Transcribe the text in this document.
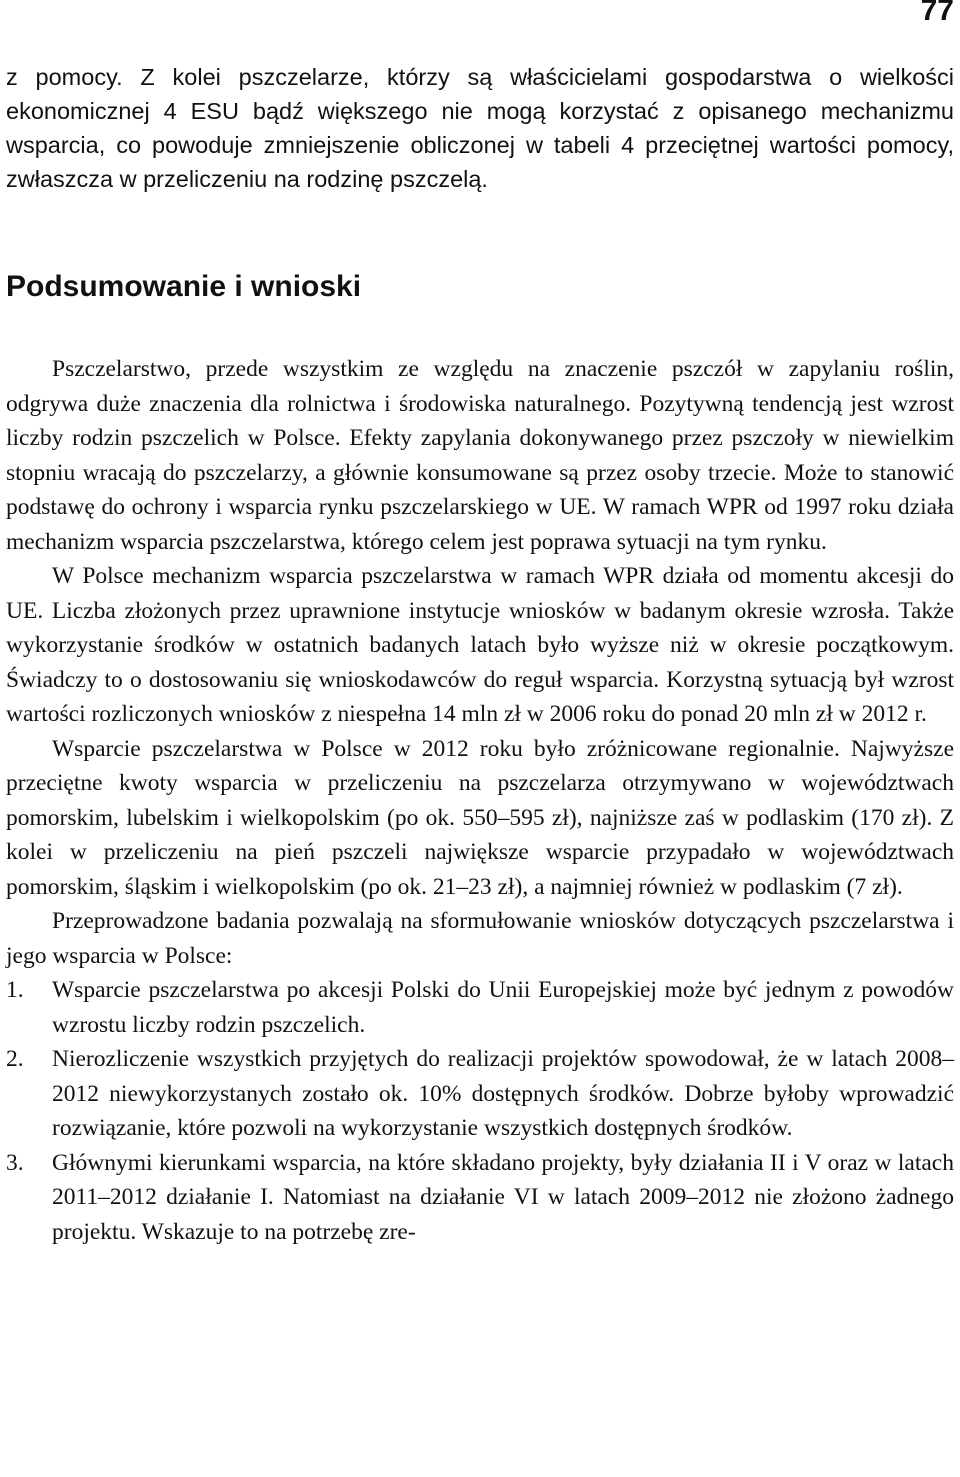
77

z pomocy. Z kolei pszczelarze, którzy są właścicielami gospodarstwa o wielkości ekonomicznej 4 ESU bądź większego nie mogą korzystać z opisanego mechanizmu wsparcia, co powoduje zmniejszenie obliczonej w tabeli 4 przeciętnej wartości pomocy, zwłaszcza w przeliczeniu na rodzinę pszczelą.

Podsumowanie i wnioski

Pszczelarstwo, przede wszystkim ze względu na znaczenie pszczół w zapylaniu roślin, odgrywa duże znaczenia dla rolnictwa i środowiska naturalnego. Pozytywną tendencją jest wzrost liczby rodzin pszczelich w Polsce. Efekty zapylania dokonywanego przez pszczoły w niewielkim stopniu wracają do pszczelarzy, a głównie konsumowane są przez osoby trzecie. Może to stanowić podstawę do ochrony i wsparcia rynku pszczelarskiego w UE. W ramach WPR od 1997 roku działa mechanizm wsparcia pszczelarstwa, którego celem jest poprawa sytuacji na tym rynku.

W Polsce mechanizm wsparcia pszczelarstwa w ramach WPR działa od momentu akcesji do UE. Liczba złożonych przez uprawnione instytucje wniosków w badanym okresie wzrosła. Także wykorzystanie środków w ostatnich badanych latach było wyższe niż w okresie początkowym. Świadczy to o dostosowaniu się wnioskodawców do reguł wsparcia. Korzystną sytuacją był wzrost wartości rozliczonych wniosków z niespełna 14 mln zł w 2006 roku do ponad 20 mln zł w 2012 r.

Wsparcie pszczelarstwa w Polsce w 2012 roku było zróżnicowane regionalnie. Najwyższe przeciętne kwoty wsparcia w przeliczeniu na pszczelarza otrzymywano w województwach pomorskim, lubelskim i wielkopolskim (po ok. 550–595 zł), najniższe zaś w podlaskim (170 zł). Z kolei w przeliczeniu na pień pszczeli największe wsparcie przypadało w województwach pomorskim, śląskim i wielkopolskim (po ok. 21–23 zł), a najmniej również w podlaskim (7 zł).

Przeprowadzone badania pozwalają na sformułowanie wniosków dotyczących pszczelarstwa i jego wsparcia w Polsce:

1. Wsparcie pszczelarstwa po akcesji Polski do Unii Europejskiej może być jednym z powodów wzrostu liczby rodzin pszczelich.
2. Nierozliczenie wszystkich przyjętych do realizacji projektów spowodował, że w latach 2008–2012 niewykorzystanych zostało ok. 10% dostępnych środków. Dobrze byłoby wprowadzić rozwiązanie, które pozwoli na wykorzystanie wszystkich dostępnych środków.
3. Głównymi kierunkami wsparcia, na które składano projekty, były działania II i V oraz w latach 2011–2012 działanie I. Natomiast na działanie VI w latach 2009–2012 nie złożono żadnego projektu. Wskazuje to na potrzebę zre-
